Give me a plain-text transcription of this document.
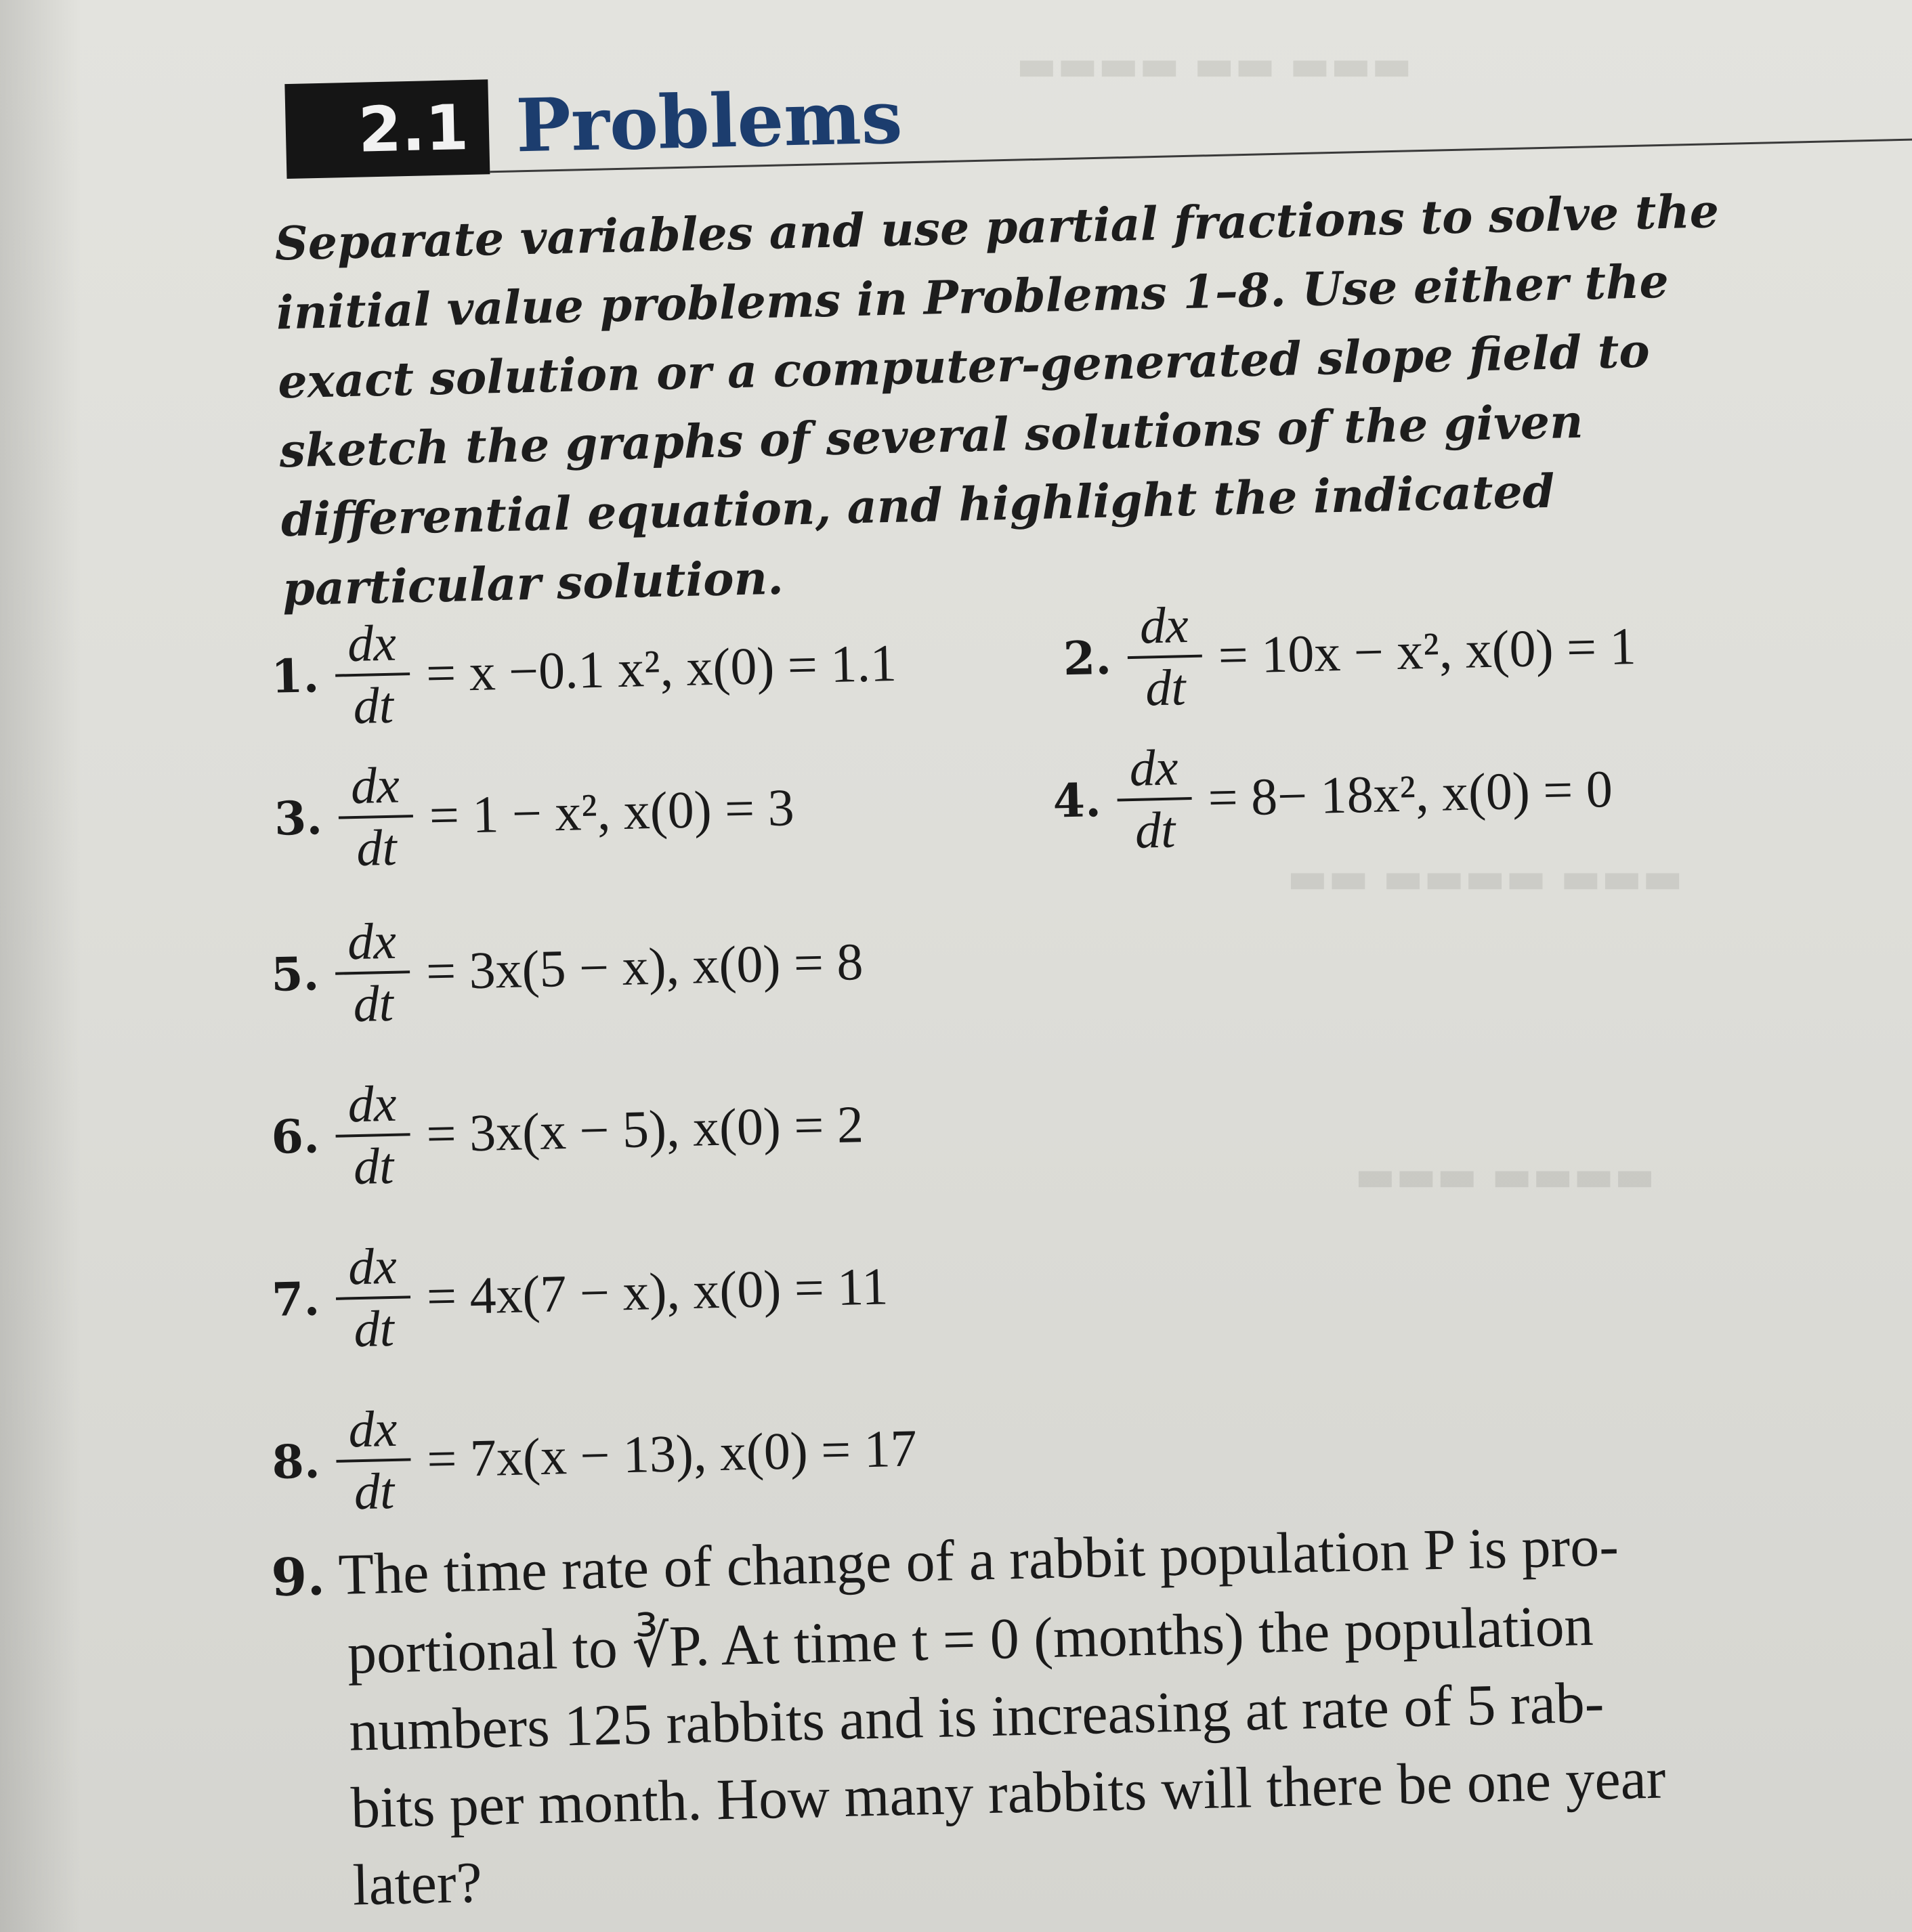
▬▬▬ ▬▬ ▬▬▬▬
▬▬▬ ▬▬▬▬ ▬▬
▬▬▬▬ ▬▬▬
2.1 Problems
Separate variables and use partial fractions to solve the initial value problems in Problems 1–8. Use either the exact solution or a computer-generated slope field to sketch the graphs of several solutions of the given differential equation, and highlight the indicated particular solution.
1.
dx
dt
= x −0.1 x², x(0) = 1.1	2.
dx
dt
= 10x − x², x(0) = 1
3.
dx
dt
= 1 − x², x(0) = 3	4.
dx
dt
= 8− 18x², x(0) = 0
5.
dx
dt
= 3x(5 − x), x(0) = 8
6.
dx
dt
= 3x(x − 5), x(0) = 2
7.
dx
dt
= 4x(7 − x), x(0) = 11
8.
dx
dt
= 7x(x − 13), x(0) = 17
9. The time rate of change of a rabbit population P is pro-
portional to ∛P. At time t = 0 (months) the population
numbers 125 rabbits and is increasing at rate of 5 rab-
bits per month. How many rabbits will there be one year
later?
